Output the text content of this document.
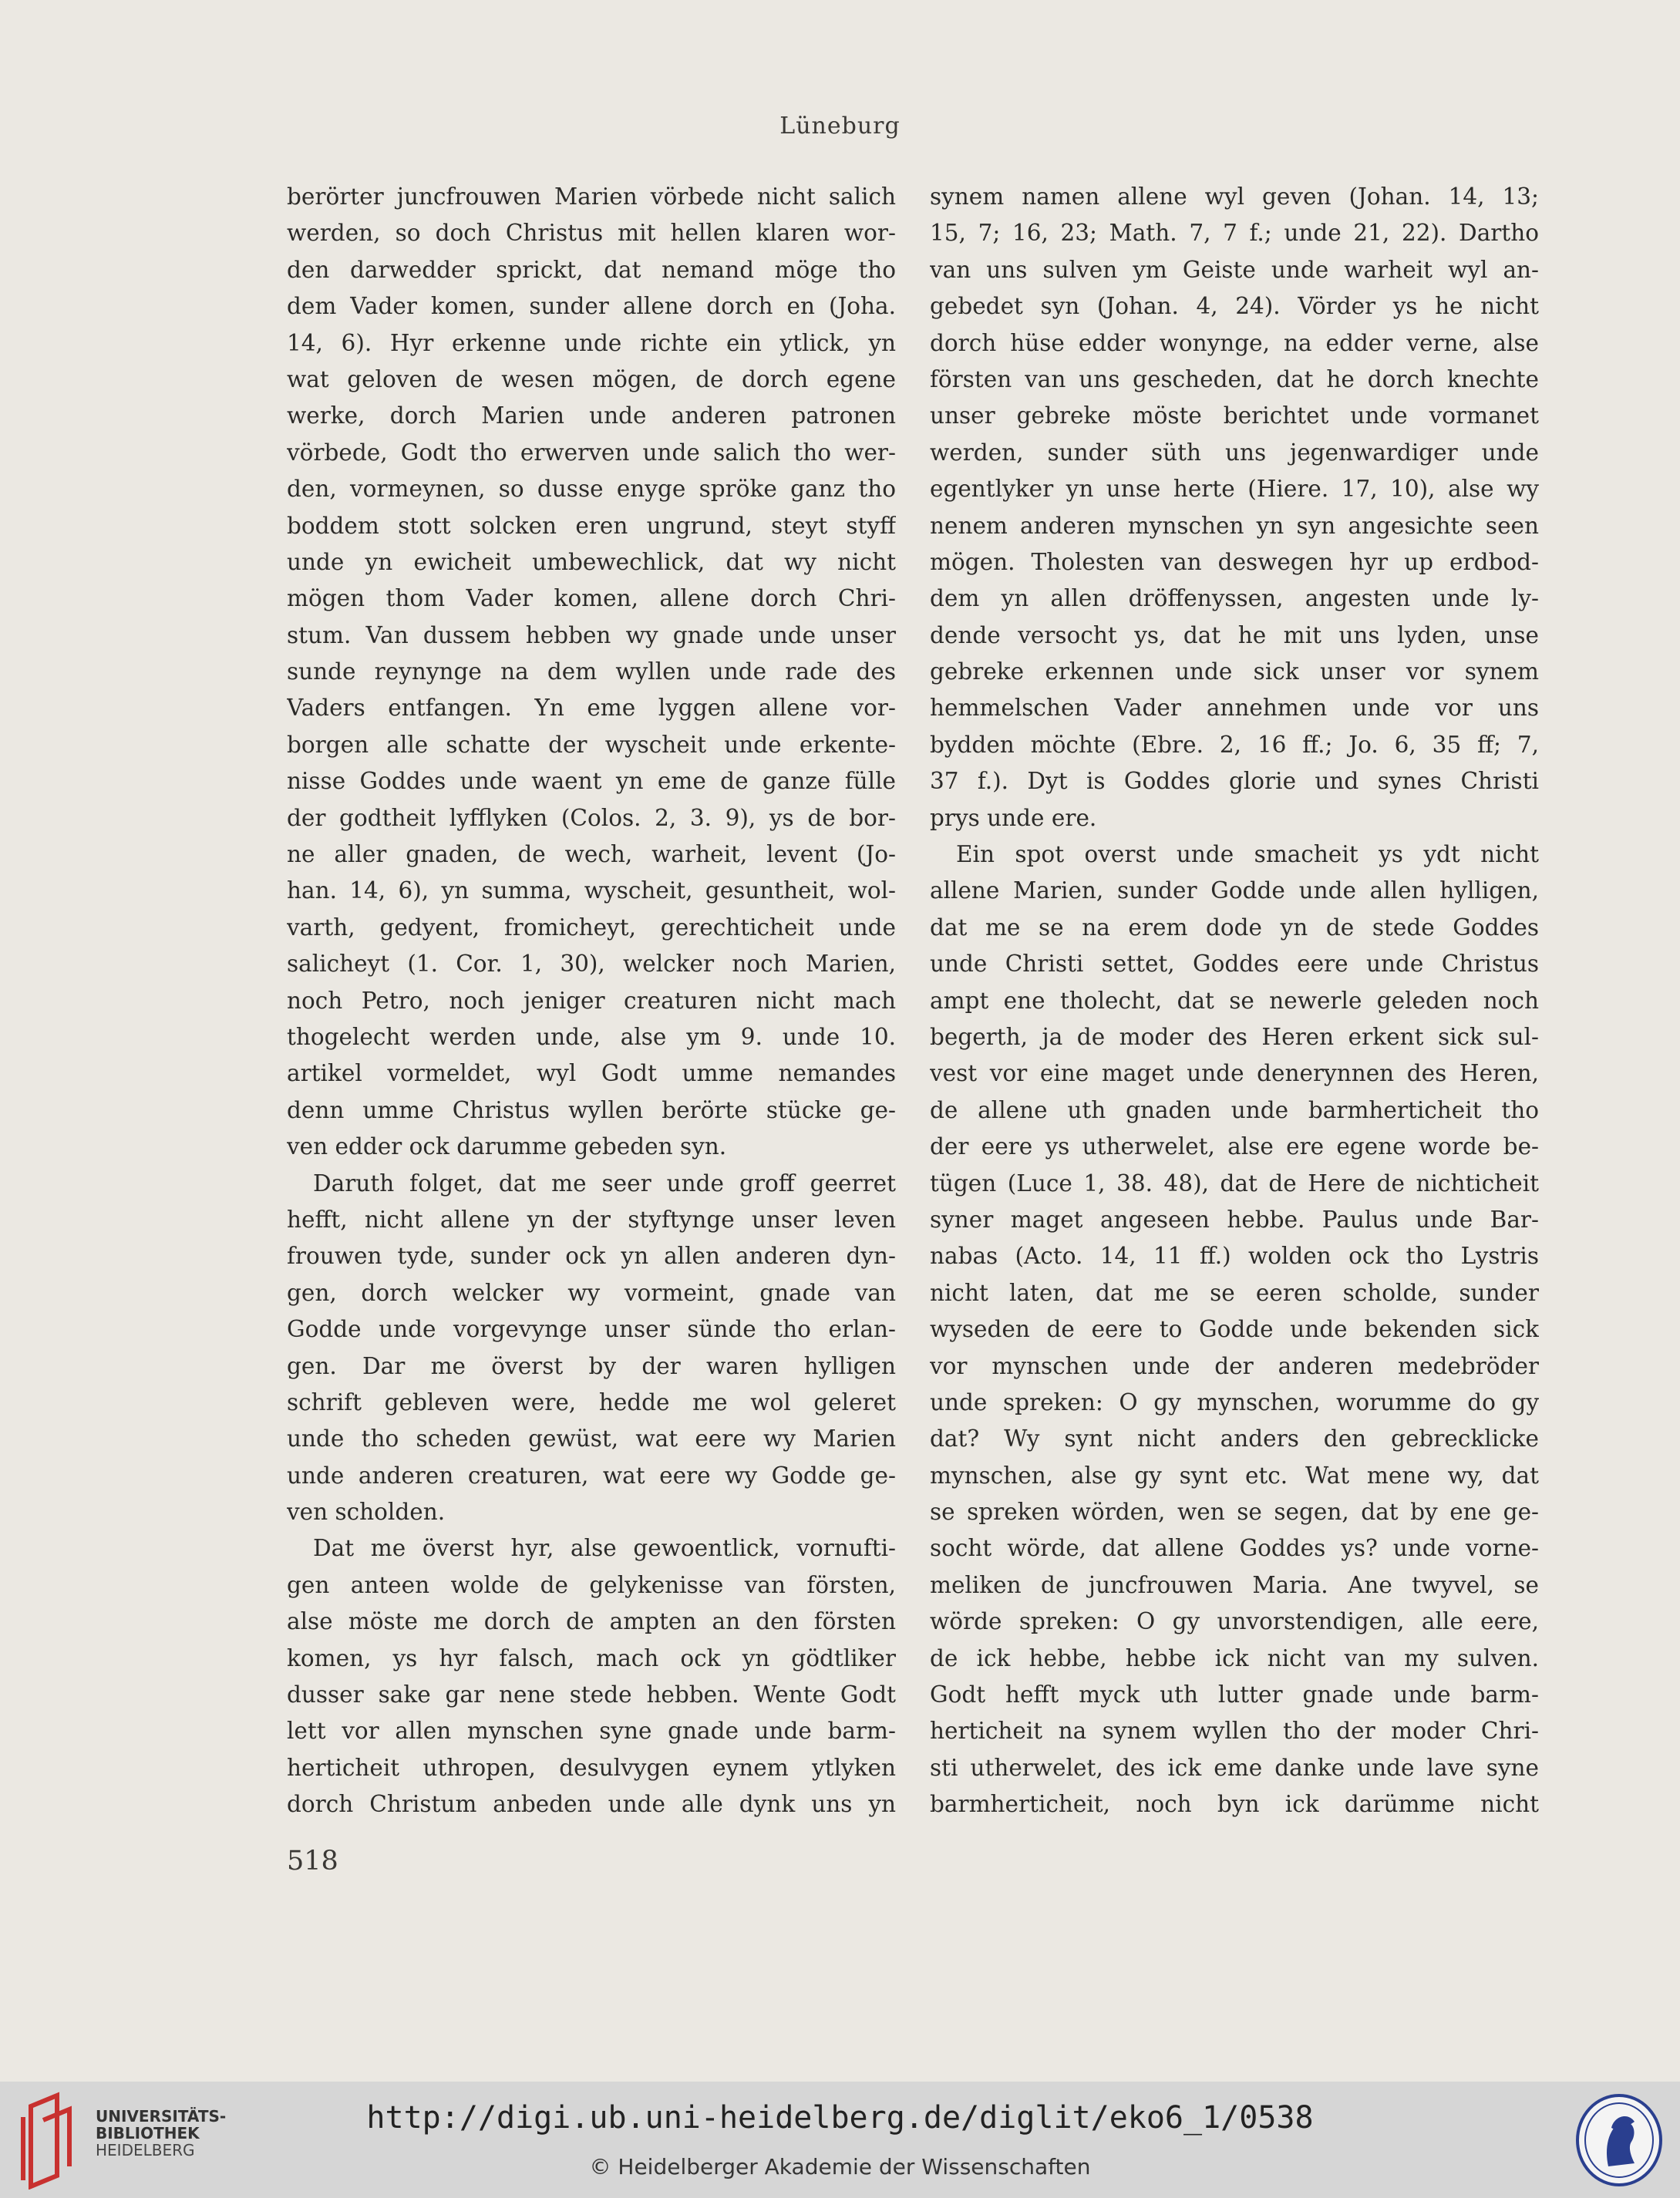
Lüneburg
berörter juncfrouwen Marien vörbede nicht salich
werden, so doch Christus mit hellen klaren wor-
den darwedder sprickt, dat nemand möge tho
dem Vader komen, sunder allene dorch en (Joha.
14, 6). Hyr erkenne unde richte ein ytlick, yn
wat geloven de wesen mögen, de dorch egene
werke, dorch Marien unde anderen patronen
vörbede, Godt tho erwerven unde salich tho wer-
den, vormeynen, so dusse enyge spröke ganz tho
boddem stott solcken eren ungrund, steyt styff
unde yn ewicheit umbewechlick, dat wy nicht
mögen thom Vader komen, allene dorch Chri-
stum. Van dussem hebben wy gnade unde unser
sunde reynynge na dem wyllen unde rade des
Vaders entfangen. Yn eme lyggen allene vor-
borgen alle schatte der wyscheit unde erkente-
nisse Goddes unde waent yn eme de ganze fülle
der godtheit lyfflyken (Colos. 2, 3. 9), ys de bor-
ne aller gnaden, de wech, warheit, levent (Jo-
han. 14, 6), yn summa, wyscheit, gesuntheit, wol-
varth, gedyent, fromicheyt, gerechticheit unde
salicheyt (1. Cor. 1, 30), welcker noch Marien,
noch Petro, noch jeniger creaturen nicht mach
thogelecht werden unde, alse ym 9. unde 10.
artikel vormeldet, wyl Godt umme nemandes
denn umme Christus wyllen berörte stücke ge-
ven edder ock darumme gebeden syn.
Daruth folget, dat me seer unde groff geerret
hefft, nicht allene yn der styftynge unser leven
frouwen tyde, sunder ock yn allen anderen dyn-
gen, dorch welcker wy vormeint, gnade van
Godde unde vorgevynge unser sünde tho erlan-
gen. Dar me överst by der waren hylligen
schrift gebleven were, hedde me wol geleret
unde tho scheden gewüst, wat eere wy Marien
unde anderen creaturen, wat eere wy Godde ge-
ven scholden.
Dat me överst hyr, alse gewoentlick, vornufti-
gen anteen wolde de gelykenisse van försten,
alse möste me dorch de ampten an den försten
komen, ys hyr falsch, mach ock yn gödtliker
dusser sake gar nene stede hebben. Wente Godt
lett vor allen mynschen syne gnade unde barm-
herticheit uthropen, desulvygen eynem ytlyken
dorch Christum anbeden unde alle dynk uns yn
synem namen allene wyl geven (Johan. 14, 13;
15, 7; 16, 23; Math. 7, 7 f.; unde 21, 22). Dartho
van uns sulven ym Geiste unde warheit wyl an-
gebedet syn (Johan. 4, 24). Vörder ys he nicht
dorch hüse edder wonynge, na edder verne, alse
försten van uns gescheden, dat he dorch knechte
unser gebreke möste berichtet unde vormanet
werden, sunder süth uns jegenwardiger unde
egentlyker yn unse herte (Hiere. 17, 10), alse wy
nenem anderen mynschen yn syn angesichte seen
mögen. Tholesten van deswegen hyr up erdbod-
dem yn allen dröffenyssen, angesten unde ly-
dende versocht ys, dat he mit uns lyden, unse
gebreke erkennen unde sick unser vor synem
hemmelschen Vader annehmen unde vor uns
bydden möchte (Ebre. 2, 16 ff.; Jo. 6, 35 ff; 7,
37 f.). Dyt is Goddes glorie und synes Christi
prys unde ere.
Ein spot overst unde smacheit ys ydt nicht
allene Marien, sunder Godde unde allen hylligen,
dat me se na erem dode yn de stede Goddes
unde Christi settet, Goddes eere unde Christus
ampt ene tholecht, dat se newerle geleden noch
begerth, ja de moder des Heren erkent sick sul-
vest vor eine maget unde denerynnen des Heren,
de allene uth gnaden unde barmherticheit tho
der eere ys utherwelet, alse ere egene worde be-
tügen (Luce 1, 38. 48), dat de Here de nichticheit
syner maget angeseen hebbe. Paulus unde Bar-
nabas (Acto. 14, 11 ff.) wolden ock tho Lystris
nicht laten, dat me se eeren scholde, sunder
wyseden de eere to Godde unde bekenden sick
vor mynschen unde der anderen medebröder
unde spreken: O gy mynschen, worumme do gy
dat? Wy synt nicht anders den gebrecklicke
mynschen, alse gy synt etc. Wat mene wy, dat
se spreken wörden, wen se segen, dat by ene ge-
socht wörde, dat allene Goddes ys? unde vorne-
meliken de juncfrouwen Maria. Ane twyvel, se
wörde spreken: O gy unvorstendigen, alle eere,
de ick hebbe, hebbe ick nicht van my sulven.
Godt hefft myck uth lutter gnade unde barm-
herticheit na synem wyllen tho der moder Chri-
sti utherwelet, des ick eme danke unde lave syne
barmherticheit, noch byn ick darümme nicht
518
UNIVERSITÄTS-
BIBLIOTHEK
HEIDELBERG
http://digi.ub.uni-heidelberg.de/diglit/eko6_1/0538
© Heidelberger Akademie der Wissenschaften
